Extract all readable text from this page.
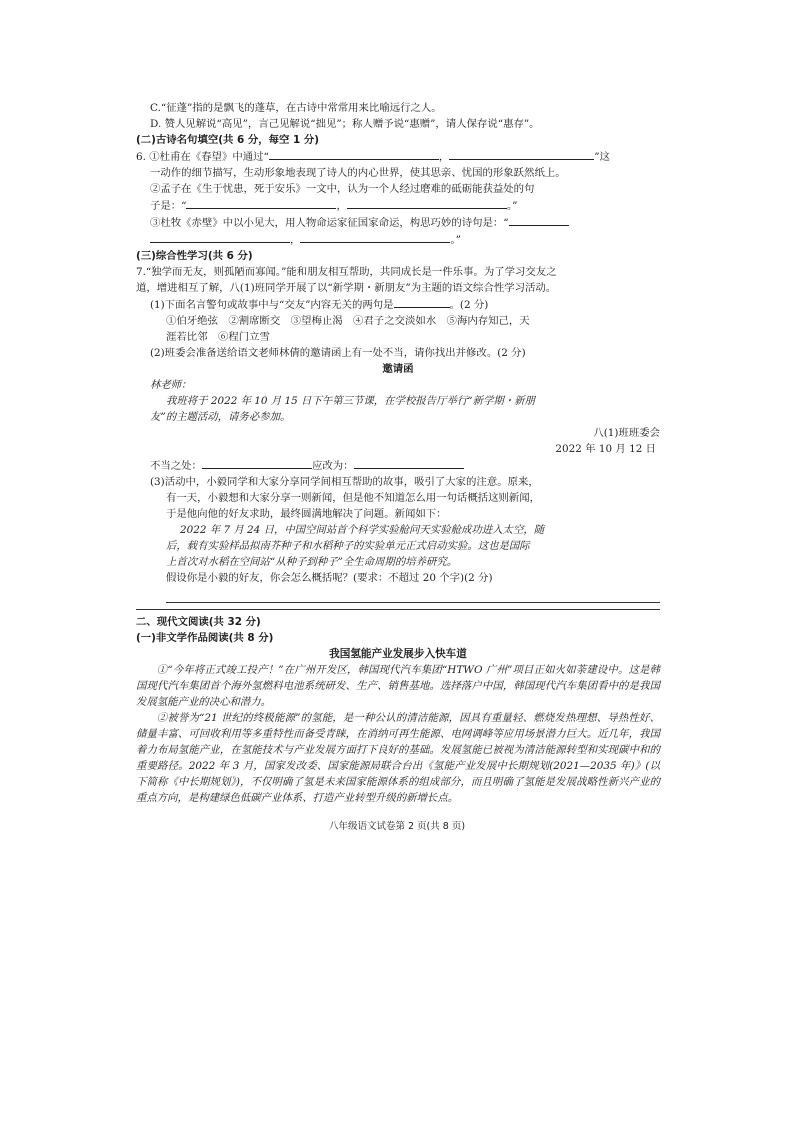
C.“征蓬”指的是飘飞的蓬草，在古诗中常常用来比喻远行之人。
D. 赞人见解说“高见”，言己见解说“拙见”；称人赠予说“惠赠”，请人保存说“惠存”。
(二)古诗名句填空(共 6 分，每空 1 分)
6. ①杜甫在《春望》中通过“	，	”这
一动作的细节描写，生动形象地表现了诗人的内心世界，使其思亲、忧国的形象跃然纸上。
②孟子在《生于忧患，死于安乐》一文中，认为一个人经过磨难的砥砺能获益处的句
子是：“	，	。”
③杜牧《赤壁》中以小见大，用人物命运家征国家命运，构思巧妙的诗句是：“
，	。”
(三)综合性学习(共 6 分)
7.“独学而无友，则孤陋而寡闻。”能和朋友相互帮助，共同成长是一件乐事。为了学习交友之
道，增进相互了解，八(1)班同学开展了以“新学期・新朋友”为主题的语文综合性学习活动。
(1)下面名言警句或故事中与“交友”内容无关的两句是	。(2 分)
①伯牙绝弦　②割席断交　③望梅止渴　④君子之交淡如水　⑤海内存知己，天
涯若比邻　⑥程门立雪
(2)班委会准备送给语文老师林倩的邀请函上有一处不当，请你找出并修改。(2 分)
邀请函
林老师：
我班将于 2022 年 10 月 15 日下午第三节课，在学校报告厅举行“新学期・新朋
友”的主题活动，请务必参加。
八(1)班班委会
2022 年 10 月 12 日
不当之处：	应改为：
(3)活动中，小毅同学和大家分享同学间相互帮助的故事，吸引了大家的注意。原来，
有一天，小毅想和大家分享一则新闻，但是他不知道怎么用一句话概括这则新闻，
于是他向他的好友求助，最终圆满地解决了问题。新闻如下：
2022 年 7 月 24 日，中国空间站首个科学实验舱问天实验舱成功进入太空，随
后，载有实验样品拟南芥种子和水稻种子的实验单元正式启动实验。这也是国际
上首次对水稻在空间站“从种子到种子”全生命周期的培养研究。
假设你是小毅的好友，你会怎么概括呢？(要求：不超过 20 个字)(2 分)
二、现代文阅读(共 32 分)
(一)非文学作品阅读(共 8 分)
我国氢能产业发展步入快车道
①“今年将正式竣工投产！”在广州开发区，韩国现代汽车集团“HTWO 广州”项目正如火如荼建设中。这是韩国现代汽车集团首个海外氢燃料电池系统研发、生产、销售基地。选择落户中国，韩国现代汽车集团看中的是我国发展氢能产业的决心和潜力。
②被誉为“21 世纪的终极能源”的氢能，是一种公认的清洁能源，因具有重量轻、燃烧发热理想、导热性好、储量丰富、可回收利用等多重特性而备受青睐，在消纳可再生能源、电网调峰等应用场景潜力巨大。近几年，我国着力布局氢能产业，在氢能技术与产业发展方面打下良好的基础。发展氢能已被视为清洁能源转型和实现碳中和的重要路径。2022 年 3 月，国家发改委、国家能源局联合台出《氢能产业发展中长期规划(2021—2035 年)》(以下简称《中长期规划》)，不仅明确了氢是未来国家能源体系的组成部分，而且明确了氢能是发展战略性新兴产业的重点方向，是构建绿色低碳产业体系、打造产业转型升级的新增长点。
八年级语文试卷第 2 页(共 8 页)
